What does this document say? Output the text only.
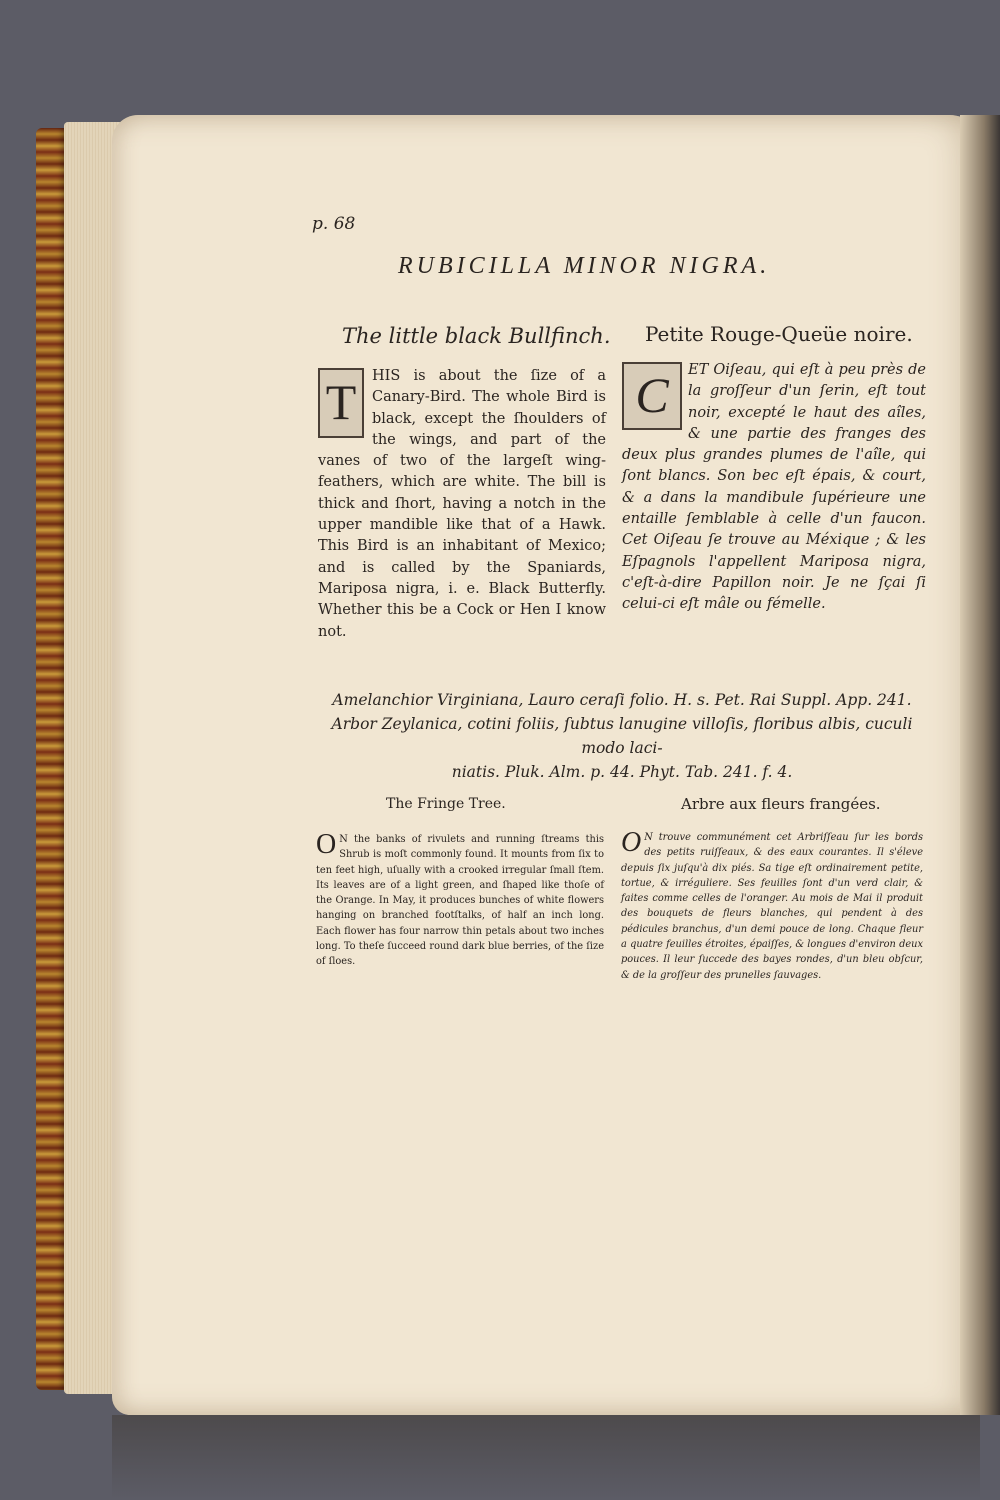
p. 68
RUBICILLA MINOR NIGRA.
The little black Bullfinch. Petite Rouge-Queüe noire.
T	HIS is about the ſize of a Canary-Bird. The whole Bird is black, except the ſhoulders of the wings, and part of the vanes of two of the largeſt wing-feathers, which are white. The bill is thick and ſhort, having a notch in the upper mandible like that of a Hawk. This Bird is an inhabitant of Mexico; and is called by the Spaniards, Mariposa nigra, i. e. Black Butterfly. Whether this be a Cock or Hen I know not.
C	ET Oiſeau, qui eſt à peu près de la groſſeur d'un ſerin, eſt tout noir, excepté le haut des aîles, & une partie des franges des deux plus grandes plumes de l'aîle, qui ſont blancs. Son bec eſt épais, & court, & a dans la mandibule ſupérieure une entaille ſemblable à celle d'un faucon. Cet Oiſeau ſe trouve au Méxique ; & les Eſpagnols l'appellent Mariposa nigra, c'eſt-à-dire Papillon noir. Je ne ſçai ſi celui-ci eſt mâle ou fémelle.
Amelanchior Virginiana, Lauro ceraſi folio. H. s. Pet. Rai Suppl. App. 241.
Arbor Zeylanica, cotini foliis, ſubtus lanugine villoſis, floribus albis, cuculi modo laci-
niatis. Pluk. Alm. p. 44. Phyt. Tab. 241. f. 4.
The Fringe Tree.	Arbre aux fleurs frangées.
O N the banks of rivulets and running ſtreams this Shrub is moſt commonly found. It mounts from ſix to ten feet high, uſually with a crooked irregular ſmall ſtem. Its leaves are of a light green, and ſhaped like thoſe of the Orange. In May, it produces bunches of white flowers hanging on branched footſtalks, of half an inch long. Each flower has four narrow thin petals about two inches long. To theſe ſucceed round dark blue berries, of the ſize of ſloes.
O N trouve communément cet Arbriſſeau ſur les bords des petits ruiſſeaux, & des eaux courantes. Il s'éleve depuis ſix juſqu'à dix piés. Sa tige eſt ordinairement petite, tortue, & irréguliere. Ses feuilles ſont d'un verd clair, & faites comme celles de l'oranger. Au mois de Mai il produit des bouquets de fleurs blanches, qui pendent à des pédicules branchus, d'un demi pouce de long. Chaque fleur a quatre feuilles étroites, épaiſſes, & longues d'environ deux pouces. Il leur ſuccede des bayes rondes, d'un bleu obſcur, & de la groſſeur des prunelles ſauvages.
